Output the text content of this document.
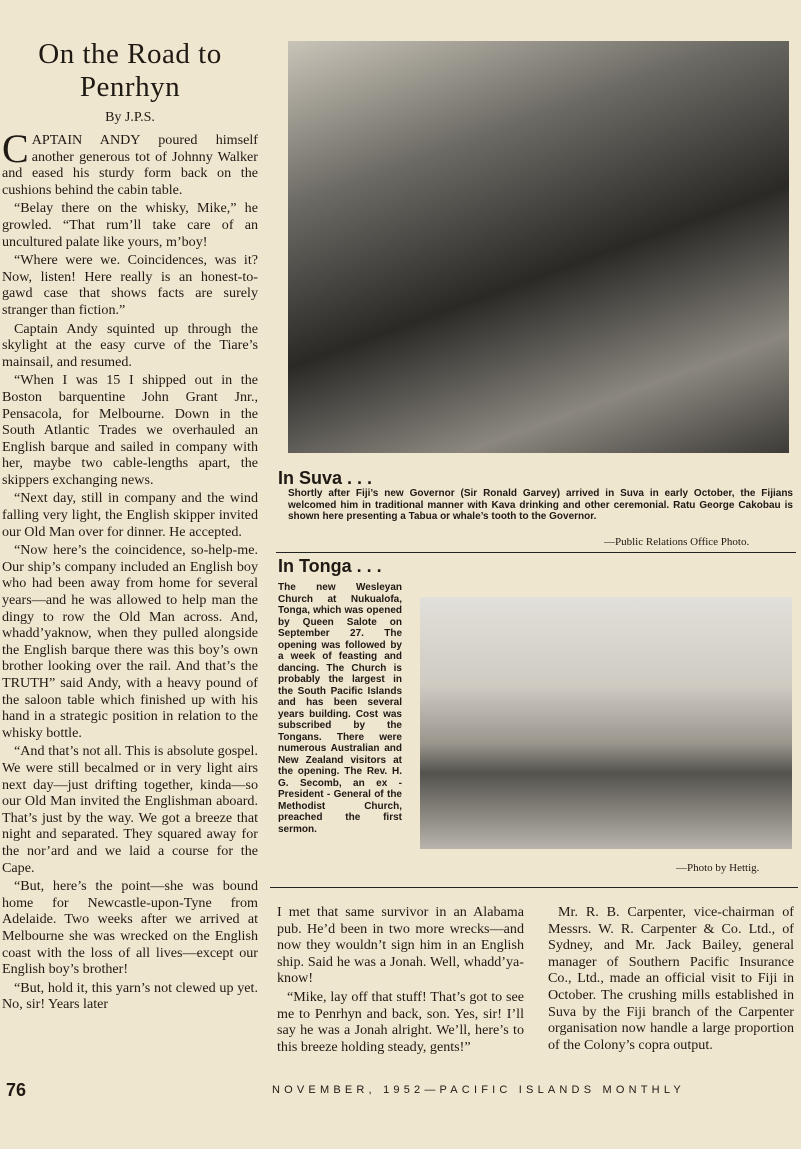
On the Road to Penrhyn
By J.P.S.

CAPTAIN ANDY poured himself another generous tot of Johnny Walker and eased his sturdy form back on the cushions behind the cabin table.

“Belay there on the whisky, Mike,” he growled. “That rum’ll take care of an uncultured palate like yours, m’boy!

“Where were we. Coincidences, was it? Now, listen! Here really is an honest-to-gawd case that shows facts are surely stranger than fiction.”

Captain Andy squinted up through the skylight at the easy curve of the Tiare’s mainsail, and resumed.

“When I was 15 I shipped out in the Boston barquentine John Grant Jnr., Pensacola, for Melbourne. Down in the South Atlantic Trades we overhauled an English barque and sailed in company with her, maybe two cable-lengths apart, the skippers exchanging news.

“Next day, still in company and the wind falling very light, the English skipper invited our Old Man over for dinner. He accepted.

“Now here’s the coincidence, so-help-me. Our ship’s company included an English boy who had been away from home for several years—and he was allowed to help man the dingy to row the Old Man across. And, whadd’yaknow, when they pulled alongside the English barque there was this boy’s own brother looking over the rail. And that’s the TRUTH” said Andy, with a heavy pound of the saloon table which finished up with his hand in a strategic position in relation to the whisky bottle.

“And that’s not all. This is absolute gospel. We were still becalmed or in very light airs next day—just drifting together, kinda—so our Old Man invited the Englishman aboard. That’s just by the way. We got a breeze that night and separated. They squared away for the nor’ard and we laid a course for the Cape.

“But, here’s the point—she was bound home for Newcastle-upon-Tyne from Adelaide. Two weeks after we arrived at Melbourne she was wrecked on the English coast with the loss of all lives—except our English boy’s brother!

“But, hold it, this yarn’s not clewed up yet. No, sir! Years later

In Suva . . .
Shortly after Fiji’s new Governor (Sir Ronald Garvey) arrived in Suva in early October, the Fijians welcomed him in traditional manner with Kava drinking and other ceremonial. Ratu George Cakobau is shown here presenting a Tabua or whale’s tooth to the Governor.
—Public Relations Office Photo.
In Tonga . . .
The new Wesleyan Church at Nukualofa, Tonga, which was opened by Queen Salote on September 27. The opening was followed by a week of feasting and dancing. The Church is probably the largest in the South Pacific Islands and has been several years building. Cost was subscribed by the Tongans. There were numerous Australian and New Zealand visitors at the opening. The Rev. H. G. Secomb, an ex - President - General of the Methodist Church, preached the first sermon.
—Photo by Hettig.

I met that same survivor in an Alabama pub. He’d been in two more wrecks—and now they wouldn’t sign him in an English ship. Said he was a Jonah. Well, whadd’ya-know!

“Mike, lay off that stuff! That’s got to see me to Penrhyn and back, son. Yes, sir! I’ll say he was a Jonah alright. We’ll, here’s to this breeze holding steady, gents!”

Mr. R. B. Carpenter, vice-chairman of Messrs. W. R. Carpenter & Co. Ltd., of Sydney, and Mr. Jack Bailey, general manager of Southern Pacific Insurance Co., Ltd., made an official visit to Fiji in October. The crushing mills established in Suva by the Fiji branch of the Carpenter organisation now handle a large proportion of the Colony’s copra output.

76	NOVEMBER, 1952—PACIFIC ISLANDS MONTHLY
